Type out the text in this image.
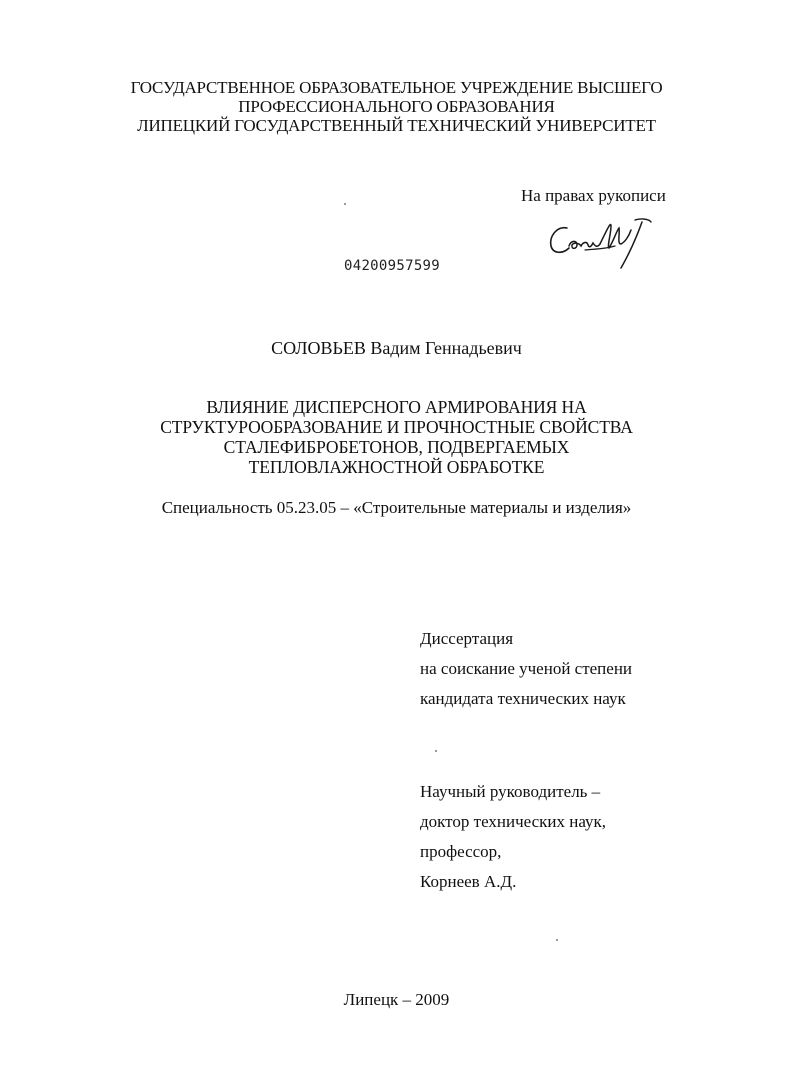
ГОСУДАРСТВЕННОЕ ОБРАЗОВАТЕЛЬНОЕ УЧРЕЖДЕНИЕ ВЫСШЕГО
ПРОФЕССИОНАЛЬНОГО ОБРАЗОВАНИЯ
ЛИПЕЦКИЙ ГОСУДАРСТВЕННЫЙ ТЕХНИЧЕСКИЙ УНИВЕРСИТЕТ
На правах рукописи
04200957599
СОЛОВЬЕВ Вадим Геннадьевич
ВЛИЯНИЕ ДИСПЕРСНОГО АРМИРОВАНИЯ НА
СТРУКТУРООБРАЗОВАНИЕ И ПРОЧНОСТНЫЕ СВОЙСТВА
СТАЛЕФИБРОБЕТОНОВ, ПОДВЕРГАЕМЫХ
ТЕПЛОВЛАЖНОСТНОЙ ОБРАБОТКЕ
Специальность 05.23.05 – «Строительные материалы и изделия»
Диссертация
на соискание ученой степени
кандидата технических наук
Научный руководитель –
доктор технических наук,
профессор,
Корнеев А.Д.
Липецк – 2009
